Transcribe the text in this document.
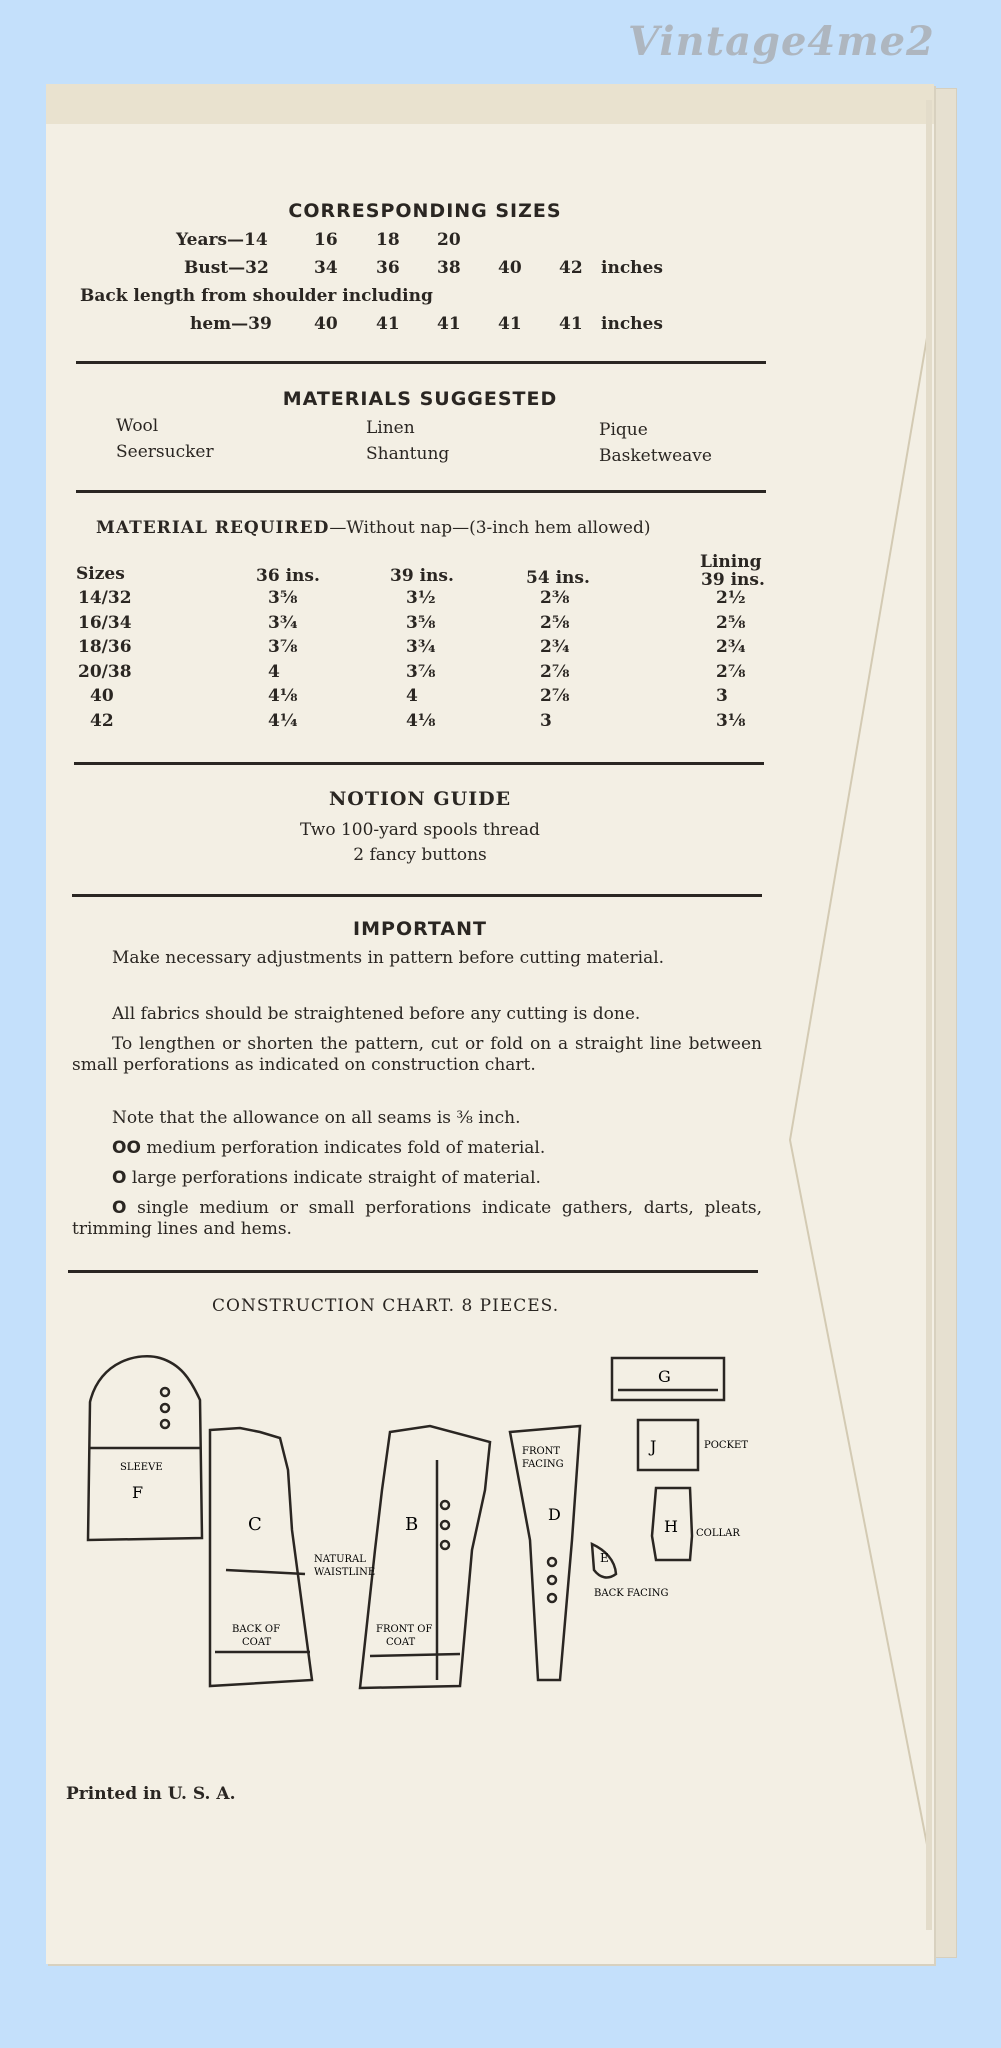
Vintage4me2
CORRESPONDING SIZES
Years—14	16 18 20
Bust—32	34 36 38 40 42 inches
Back length from shoulder including
hem—39 40 41 41 41 41 inches
MATERIALS SUGGESTED
Wool
Seersucker
Linen
Shantung
Pique
Basketweave
MATERIAL REQUIRED—Without nap—(3-inch hem allowed)
Sizes	36 ins.	39 ins.	54 ins.
Lining
39 ins.
14/32	3⅝	3½	2⅜	2½
16/34	3¾	3⅝	2⅝	2⅝
18/36	3⅞	3¾	2¾	2¾
20/38	4	3⅞	2⅞	2⅞
40	4⅛	4	2⅞	3
42	4¼	4⅛	3	3⅛
NOTION GUIDE
Two 100-yard spools thread
2 fancy buttons
IMPORTANT
Make necessary adjustments in pattern before cutting material.
All fabrics should be straightened before any cutting is done.
To lengthen or shorten the pattern, cut or fold on a straight line between small perforations as indicated on construction chart.
Note that the allowance on all seams is ⅜ inch.
OO medium perforation indicates fold of material.
O large perforations indicate straight of material.
O single medium or small perforations indicate gathers, darts, pleats, trimming lines and hems.
CONSTRUCTION CHART. 8 PIECES.
SLEEVE
F
C
BACK OF
COAT
NATURAL
WAISTLINE
B
FRONT OF
COAT
FRONT
FACING
D
G
J	POCKET
H COLLAR
E
BACK FACING
Printed in U. S. A.
